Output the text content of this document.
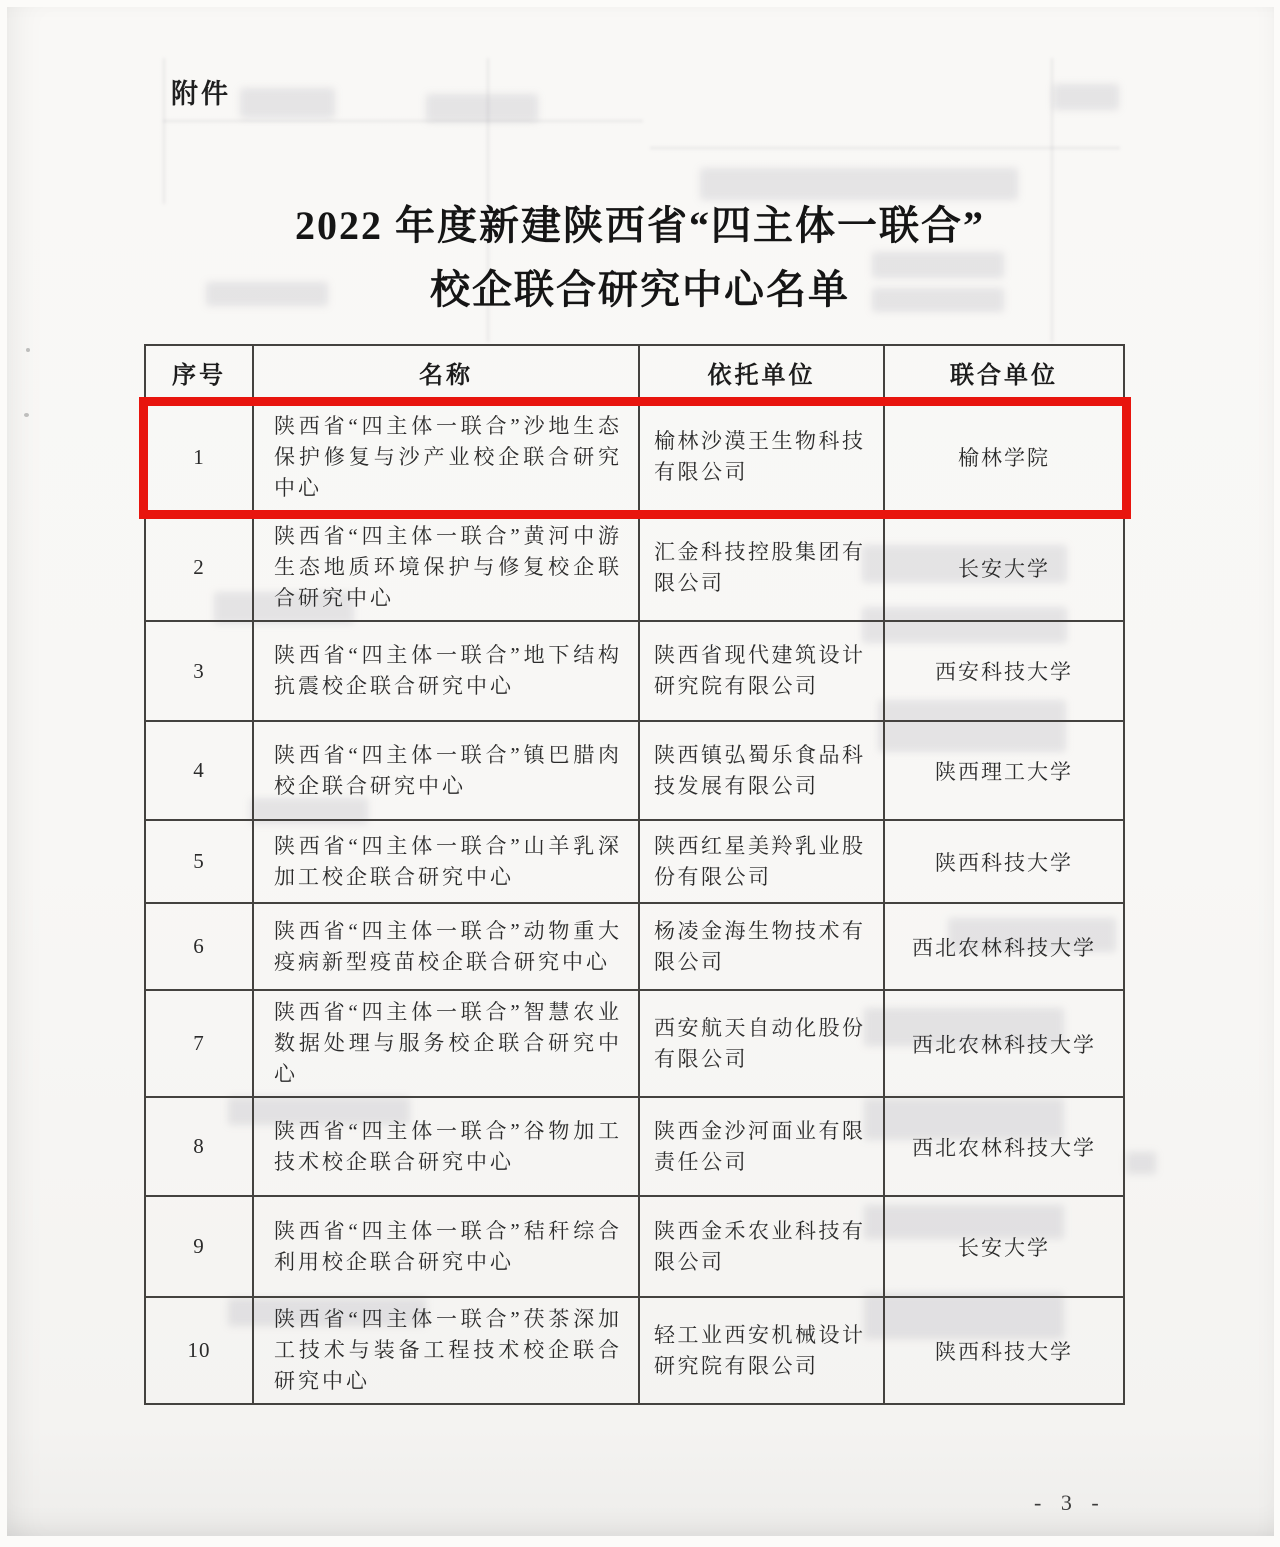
附件
2022 年度新建陕西省“四主体一联合”
校企联合研究中心名单
序号	名称	依托单位	联合单位
1	陕西省“四主体一联合”沙地生态保护修复与沙产业校企联合研究中心	榆林沙漠王生物科技有限公司	榆林学院
2	陕西省“四主体一联合”黄河中游生态地质环境保护与修复校企联合研究中心	汇金科技控股集团有限公司	长安大学
3	陕西省“四主体一联合”地下结构抗震校企联合研究中心	陕西省现代建筑设计研究院有限公司	西安科技大学
4	陕西省“四主体一联合”镇巴腊肉校企联合研究中心	陕西镇弘蜀乐食品科技发展有限公司	陕西理工大学
5	陕西省“四主体一联合”山羊乳深加工校企联合研究中心	陕西红星美羚乳业股份有限公司	陕西科技大学
6	陕西省“四主体一联合”动物重大疫病新型疫苗校企联合研究中心	杨凌金海生物技术有限公司	西北农林科技大学
7	陕西省“四主体一联合”智慧农业数据处理与服务校企联合研究中心	西安航天自动化股份有限公司	西北农林科技大学
8	陕西省“四主体一联合”谷物加工技术校企联合研究中心	陕西金沙河面业有限责任公司	西北农林科技大学
9	陕西省“四主体一联合”秸秆综合利用校企联合研究中心	陕西金禾农业科技有限公司	长安大学
10	陕西省“四主体一联合”茯茶深加工技术与装备工程技术校企联合研究中心	轻工业西安机械设计研究院有限公司	陕西科技大学
- 3 -
